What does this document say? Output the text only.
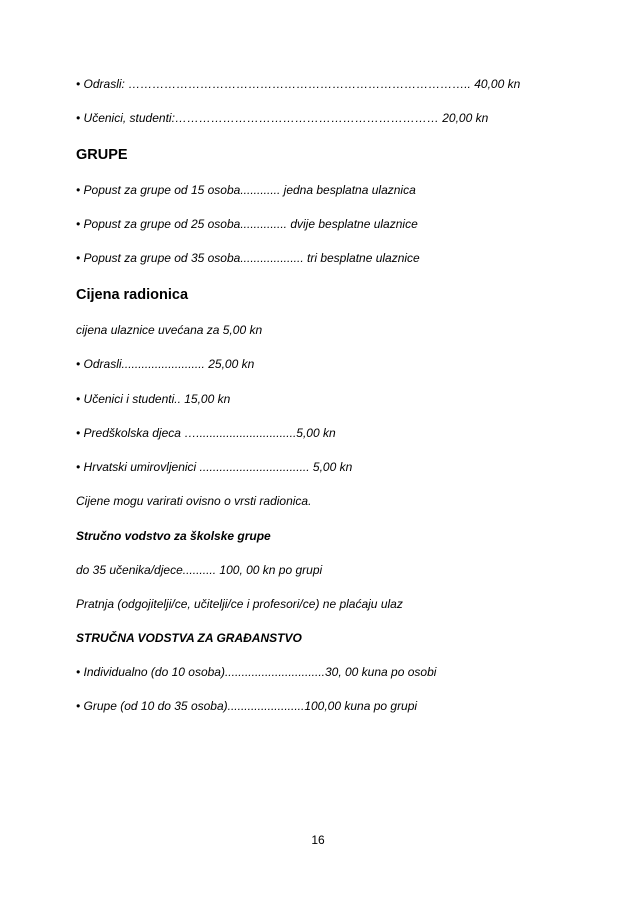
• Odrasli: ………………………………………………………………………….. 40,00 kn
• Učenici, studenti:………………………………………………………… 20,00 kn
GRUPE
• Popust za grupe od 15 osoba............ jedna besplatna ulaznica
• Popust za grupe od 25 osoba.............. dvije besplatne ulaznice
• Popust za grupe od 35 osoba................... tri besplatne ulaznice
Cijena radionica
cijena ulaznice uvećana za 5,00 kn
• Odrasli......................... 25,00 kn
• Učenici i studenti.. 15,00 kn
• Predškolska djeca …..............................5,00 kn
• Hrvatski umirovljenici ................................. 5,00 kn
Cijene mogu varirati ovisno o vrsti radionica.
Stručno vodstvo za školske grupe
do 35 učenika/djece.......... 100, 00 kn po grupi
Pratnja (odgojitelji/ce, učitelji/ce i profesori/ce) ne plaćaju ulaz
STRUČNA VODSTVA ZA GRAĐANSTVO
• Individualno (do 10 osoba)..............................30, 00 kuna po osobi
• Grupe (od 10 do 35 osoba).......................100,00 kuna po grupi
16
